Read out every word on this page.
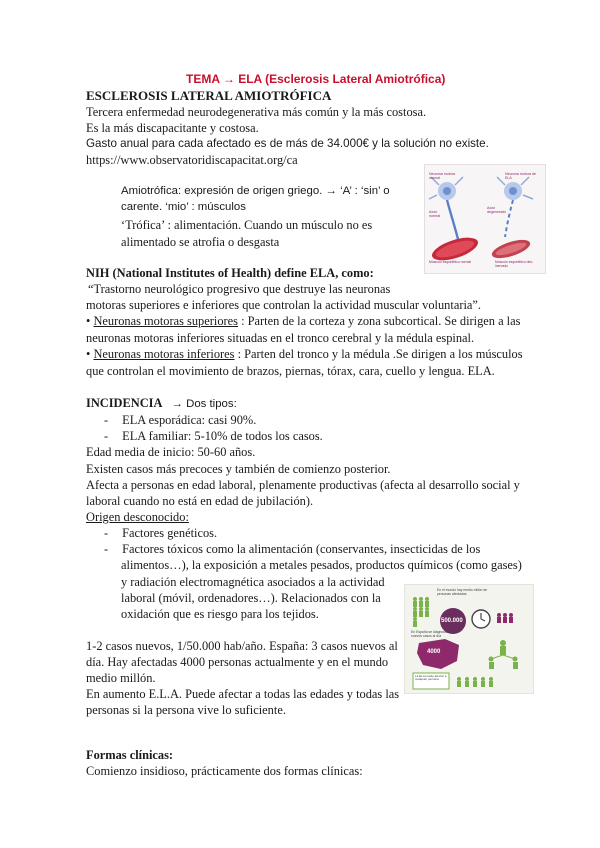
TEMA → ELA (Esclerosis Lateral Amiotrófica)
ESCLEROSIS LATERAL AMIOTRÓFICA
Tercera enfermedad neurodegenerativa más común y la más costosa.
Es la más discapacitante y costosa.
Gasto anual para cada afectado es de más de 34.000€ y la solución no existe.
https://www.observatoridiscapacitat.org/ca
Amiotrófica: expresión de origen griego. → ‘A’ : ‘sin’ o
carente. ‘mio’ : músculos
‘Trófica’ : alimentación. Cuando un músculo no es
alimentado se atrofia o desgasta
Neurona motora normal
Neurona motora de ELA
Axón normal
Axón degenerado
Músculo esquelético normal	Músculo esquelético des-inervado
NIH (National Institutes of Health) define ELA, como:
“Trastorno neurológico progresivo que destruye las neuronas
motoras superiores e inferiores que controlan la actividad muscular voluntaria”.
• Neuronas motoras superiores : Parten de la corteza y zona subcortical. Se dirigen a las
neuronas motoras inferiores situadas en el tronco cerebral y la médula espinal.
• Neuronas motoras inferiores : Parten del tronco y la médula .Se dirigen a los músculos
que controlan el movimiento de brazos, piernas, tórax, cara, cuello y lengua. ELA.
INCIDENCIA → Dos tipos:
- ELA esporádica: casi 90%.
- ELA familiar: 5-10% de todos los casos.
Edad media de inicio: 50-60 años.
Existen casos más precoces y también de comienzo posterior.
Afecta a personas en edad laboral, plenamente productivas (afecta al desarrollo social y
laboral cuando no está en edad de jubilación).
Origen desconocido:
- Factores genéticos.
- Factores tóxicos como la alimentación (conservantes, insecticidas de los
alimentos…), la exposición a metales pesados, productos químicos (como gases)
y radiación electromagnética asociados a la actividad
laboral (móvil, ordenadores…). Relacionados con la
oxidación que es riesgo para los tejidos.
1-2 casos nuevos, 1/50.000 hab/año. España: 3 casos nuevos al
día. Hay afectadas 4000 personas actualmente y en el mundo
medio millón.
En aumento E.L.A. Puede afectar a todas las edades y todas las
personas si la persona vive lo suficiente.
En el mundo hay medio millón de personas afectadas
500.000
En España se diagnostican 3 nuevos casos al día
4000
La ELA puede afectar a cualquier persona
Formas clínicas:
Comienzo insidioso, prácticamente dos formas clínicas:
